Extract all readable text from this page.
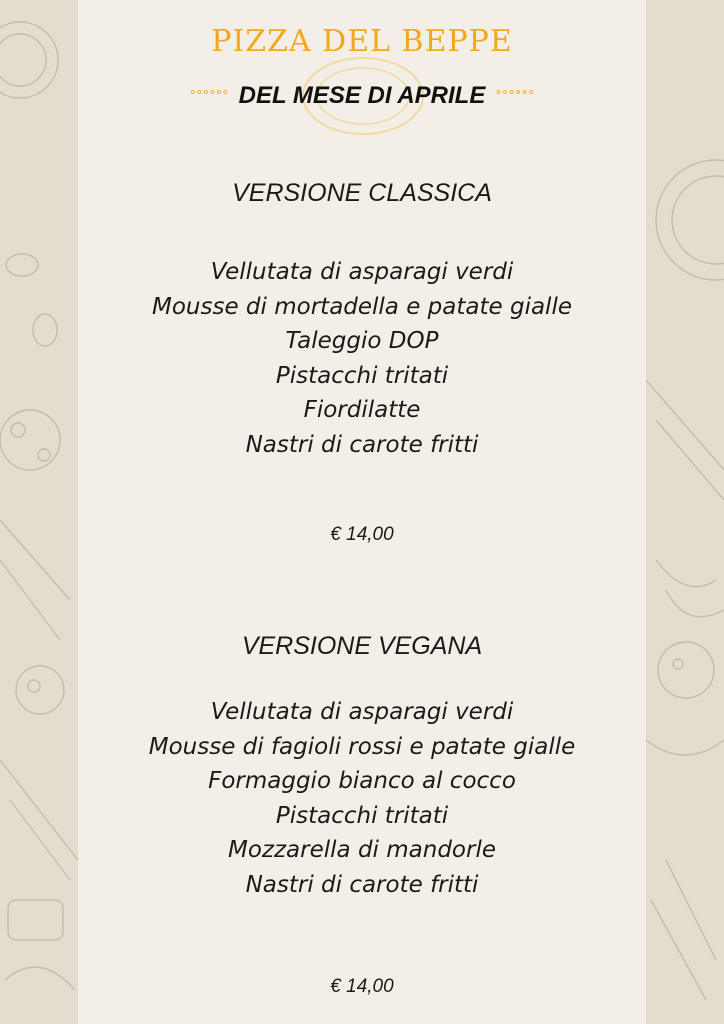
PIZZA DEL BEPPE
°°°°°° DEL MESE DI APRILE °°°°°°
VERSIONE CLASSICA
Vellutata di asparagi verdi
Mousse di mortadella e patate gialle
Taleggio DOP
Pistacchi tritati
Fiordilatte
Nastri di carote fritti
€ 14,00
VERSIONE VEGANA
Vellutata di asparagi verdi
Mousse di fagioli rossi e patate gialle
Formaggio bianco al cocco
Pistacchi tritati
Mozzarella di mandorle
Nastri di carote fritti
€ 14,00
